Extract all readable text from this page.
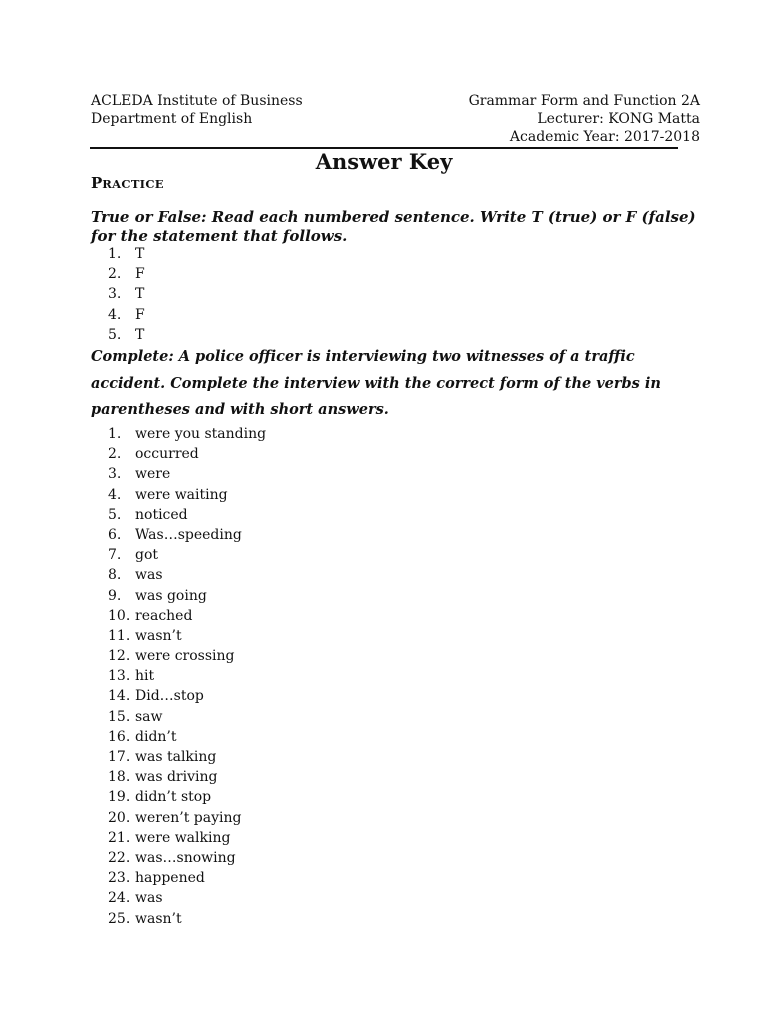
ACLEDA Institute of Business
Department of English
Grammar Form and Function 2A
Lecturer: KONG Matta
Academic Year: 2017-2018
Answer Key
PRACTICE
True or False: Read each numbered sentence. Write T (true) or F (false) for the statement that follows.
1. T
2. F
3. T
4. F
5. T
Complete: A police officer is interviewing two witnesses of a traffic accident. Complete the interview with the correct form of the verbs in parentheses and with short answers.
1. were you standing
2. occurred
3. were
4. were waiting
5. noticed
6. Was…speeding
7. got
8. was
9. was going
10. reached
11. wasn’t
12. were crossing
13. hit
14. Did…stop
15. saw
16. didn’t
17. was talking
18. was driving
19. didn’t stop
20. weren’t paying
21. were walking
22. was…snowing
23. happened
24. was
25. wasn’t
